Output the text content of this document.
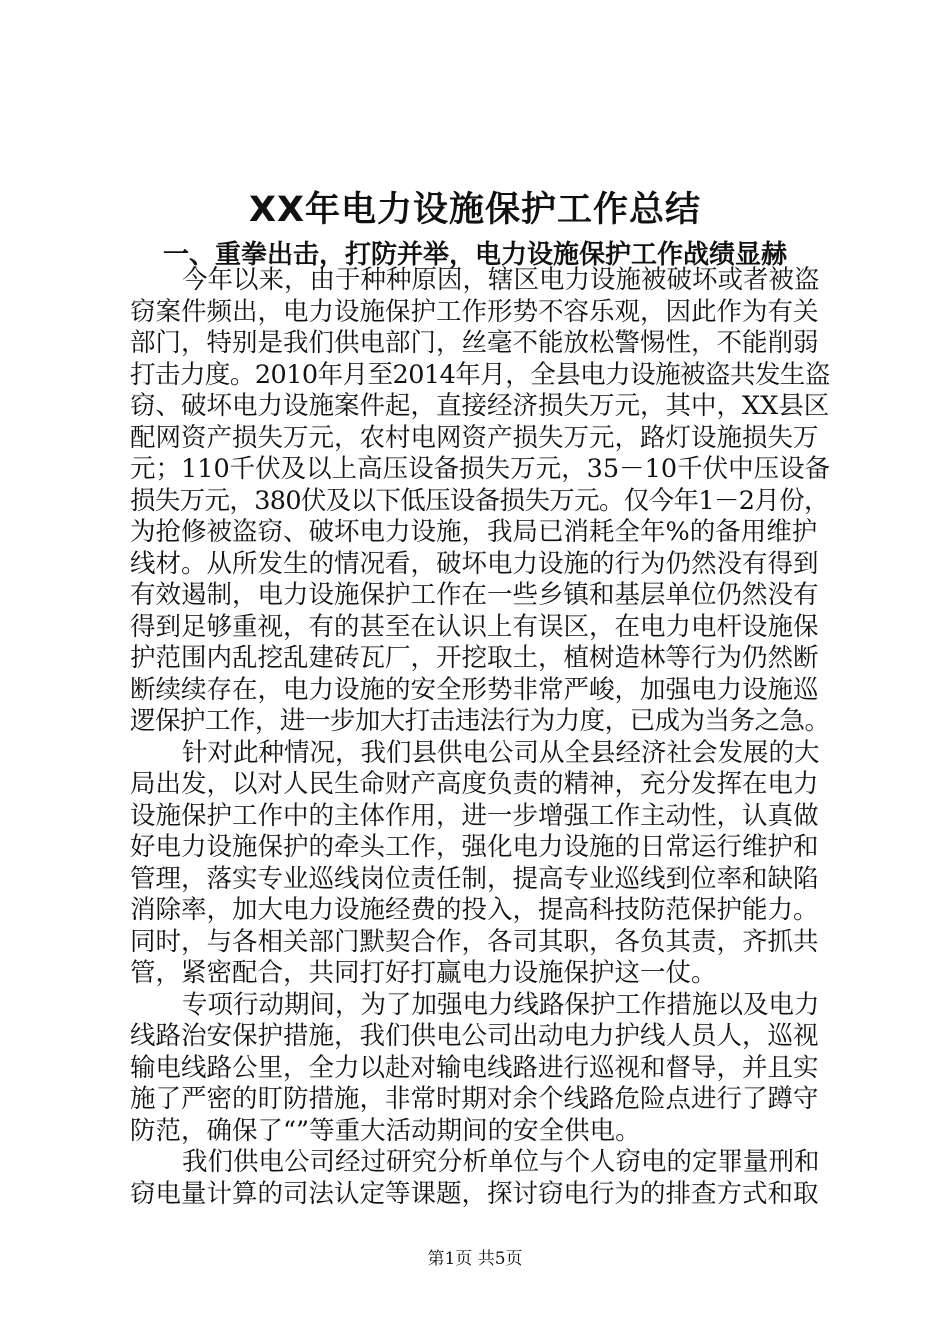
XX年电力设施保护工作总结
一、重拳出击，打防并举，电力设施保护工作战绩显赫
今年以来，由于种种原因，辖区电力设施被破坏或者被盗
窃案件频出，电力设施保护工作形势不容乐观，因此作为有关
部门，特别是我们供电部门，丝毫不能放松警惕性，不能削弱
打击力度。2010年月至2014年月，全县电力设施被盗共发生盗
窃、破坏电力设施案件起，直接经济损失万元，其中，XX县区
配网资产损失万元，农村电网资产损失万元，路灯设施损失万
元；110千伏及以上高压设备损失万元，35－10千伏中压设备
损失万元，380伏及以下低压设备损失万元。仅今年1－2月份，
为抢修被盗窃、破坏电力设施，我局已消耗全年%的备用维护
线材。从所发生的情况看，破坏电力设施的行为仍然没有得到
有效遏制，电力设施保护工作在一些乡镇和基层单位仍然没有
得到足够重视，有的甚至在认识上有误区，在电力电杆设施保
护范围内乱挖乱建砖瓦厂，开挖取土，植树造林等行为仍然断
断续续存在，电力设施的安全形势非常严峻，加强电力设施巡
逻保护工作，进一步加大打击违法行为力度，已成为当务之急。
针对此种情况，我们县供电公司从全县经济社会发展的大
局出发，以对人民生命财产高度负责的精神，充分发挥在电力
设施保护工作中的主体作用，进一步增强工作主动性，认真做
好电力设施保护的牵头工作，强化电力设施的日常运行维护和
管理，落实专业巡线岗位责任制，提高专业巡线到位率和缺陷
消除率，加大电力设施经费的投入，提高科技防范保护能力。
同时，与各相关部门默契合作，各司其职，各负其责，齐抓共
管，紧密配合，共同打好打赢电力设施保护这一仗。
专项行动期间，为了加强电力线路保护工作措施以及电力
线路治安保护措施，我们供电公司出动电力护线人员人，巡视
输电线路公里，全力以赴对输电线路进行巡视和督导，并且实
施了严密的盯防措施，非常时期对余个线路危险点进行了蹲守
防范，确保了“”等重大活动期间的安全供电。
我们供电公司经过研究分析单位与个人窃电的定罪量刑和
窃电量计算的司法认定等课题，探讨窃电行为的排查方式和取
第1页 共5页
